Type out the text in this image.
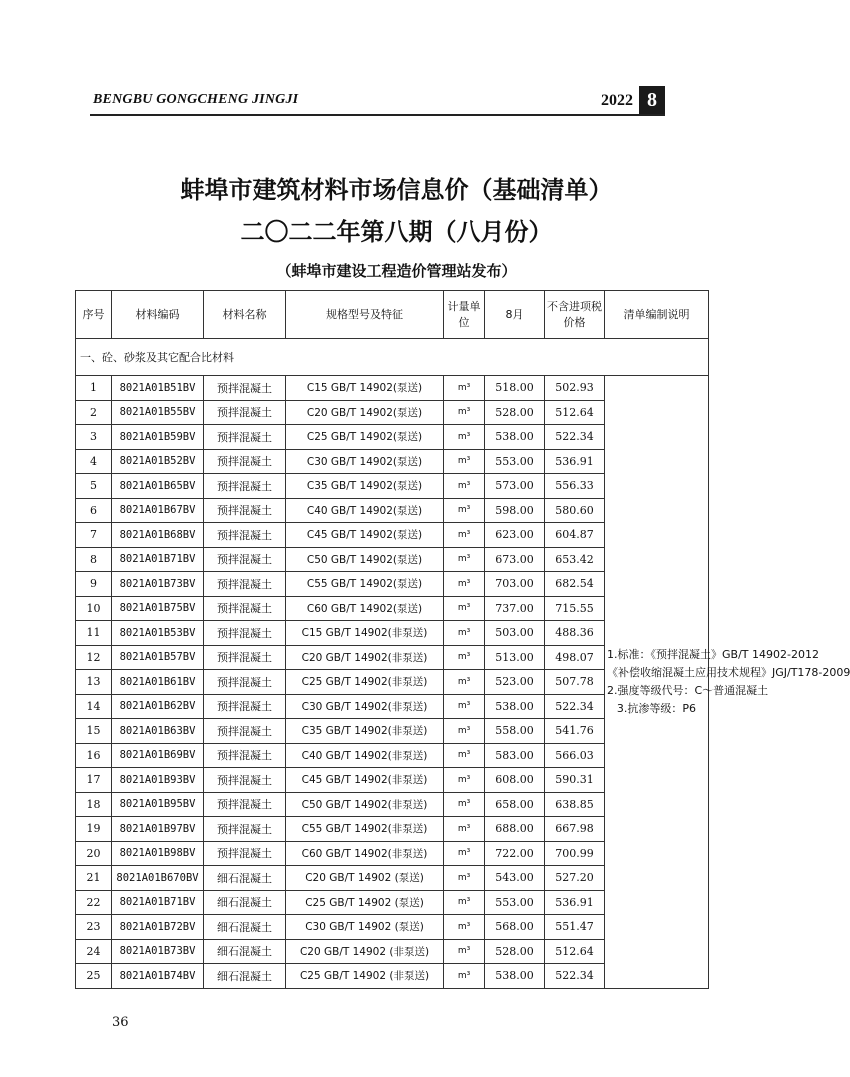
BENGBU GONGCHENG JINGJI	2022 8
蚌埠市建筑材料市场信息价（基础清单）
二〇二二年第八期（八月份）
（蚌埠市建设工程造价管理站发布）
序号	材料编码	材料名称	规格型号及特征	计量单位	8月	不含进项税价格	清单编制说明
一、砼、砂浆及其它配合比材料							
1	8021A01B51BV	预拌混凝土	C15 GB/T 14902(泵送)	m³	518.00	502.93	1.标准：《预拌混凝土》GB/T 14902-2012
《补偿收缩混凝土应用技术规程》JGJ/T178-2009
2.强度等级代号：C～普通混凝土
3.抗渗等级：P6

2	8021A01B55BV	预拌混凝土	C20 GB/T 14902(泵送)	m³	528.00	512.64	
3	8021A01B59BV	预拌混凝土	C25 GB/T 14902(泵送)	m³	538.00	522.34	
4	8021A01B52BV	预拌混凝土	C30 GB/T 14902(泵送)	m³	553.00	536.91	
5	8021A01B65BV	预拌混凝土	C35 GB/T 14902(泵送)	m³	573.00	556.33	
6	8021A01B67BV	预拌混凝土	C40 GB/T 14902(泵送)	m³	598.00	580.60	
7	8021A01B68BV	预拌混凝土	C45 GB/T 14902(泵送)	m³	623.00	604.87	
8	8021A01B71BV	预拌混凝土	C50 GB/T 14902(泵送)	m³	673.00	653.42	
9	8021A01B73BV	预拌混凝土	C55 GB/T 14902(泵送)	m³	703.00	682.54	
10	8021A01B75BV	预拌混凝土	C60 GB/T 14902(泵送)	m³	737.00	715.55	
11	8021A01B53BV	预拌混凝土	C15 GB/T 14902(非泵送)	m³	503.00	488.36	
12	8021A01B57BV	预拌混凝土	C20 GB/T 14902(非泵送)	m³	513.00	498.07	
13	8021A01B61BV	预拌混凝土	C25 GB/T 14902(非泵送)	m³	523.00	507.78	
14	8021A01B62BV	预拌混凝土	C30 GB/T 14902(非泵送)	m³	538.00	522.34	
15	8021A01B63BV	预拌混凝土	C35 GB/T 14902(非泵送)	m³	558.00	541.76	
16	8021A01B69BV	预拌混凝土	C40 GB/T 14902(非泵送)	m³	583.00	566.03	
17	8021A01B93BV	预拌混凝土	C45 GB/T 14902(非泵送)	m³	608.00	590.31	
18	8021A01B95BV	预拌混凝土	C50 GB/T 14902(非泵送)	m³	658.00	638.85	
19	8021A01B97BV	预拌混凝土	C55 GB/T 14902(非泵送)	m³	688.00	667.98	
20	8021A01B98BV	预拌混凝土	C60 GB/T 14902(非泵送)	m³	722.00	700.99	
21	8021A01B670BV	细石混凝土	C20 GB/T 14902 (泵送)	m³	543.00	527.20	
22	8021A01B71BV	细石混凝土	C25 GB/T 14902 (泵送)	m³	553.00	536.91	
23	8021A01B72BV	细石混凝土	C30 GB/T 14902 (泵送)	m³	568.00	551.47	
24	8021A01B73BV	细石混凝土	C20 GB/T 14902 (非泵送)	m³	528.00	512.64	
25	8021A01B74BV	细石混凝土	C25 GB/T 14902 (非泵送)	m³	538.00	522.34	
36
